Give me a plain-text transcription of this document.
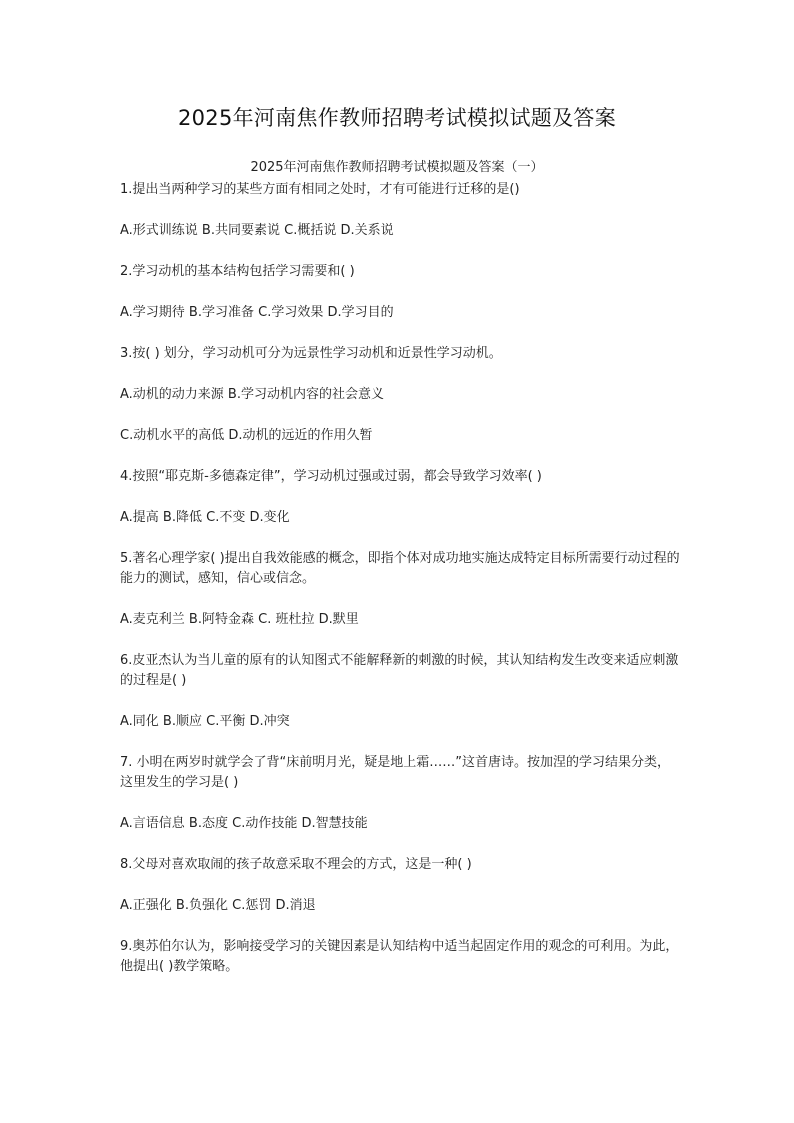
2025年河南焦作教师招聘考试模拟试题及答案
2025年河南焦作教师招聘考试模拟题及答案（一）

1.提出当两种学习的某些方面有相同之处时，才有可能进行迁移的是()

A.形式训练说 B.共同要素说 C.概括说 D.关系说

2.学习动机的基本结构包括学习需要和( )

A.学习期待 B.学习准备 C.学习效果 D.学习目的

3.按( ) 划分，学习动机可分为远景性学习动机和近景性学习动机。

A.动机的动力来源 B.学习动机内容的社会意义

C.动机水平的高低 D.动机的远近的作用久暂

4.按照“耶克斯-多德森定律”，学习动机过强或过弱，都会导致学习效率( )

A.提高 B.降低 C.不变 D.变化

5.著名心理学家( )提出自我效能感的概念，即指个体对成功地实施达成特定目标所需要行动过程的能力的测试，感知，信心或信念。

A.麦克利兰 B.阿特金森 C. 班杜拉 D.默里

6.皮亚杰认为当儿童的原有的认知图式不能解释新的刺激的时候，其认知结构发生改变来适应刺激的过程是( )

A.同化 B.顺应 C.平衡 D.冲突

7. 小明在两岁时就学会了背“床前明月光，疑是地上霜……”这首唐诗。按加涅的学习结果分类，这里发生的学习是( )

A.言语信息 B.态度 C.动作技能 D.智慧技能

8.父母对喜欢取闹的孩子故意采取不理会的方式，这是一种( )

A.正强化 B.负强化 C.惩罚 D.消退

9.奥苏伯尔认为，影响接受学习的关键因素是认知结构中适当起固定作用的观念的可利用。为此，他提出( )教学策略。
